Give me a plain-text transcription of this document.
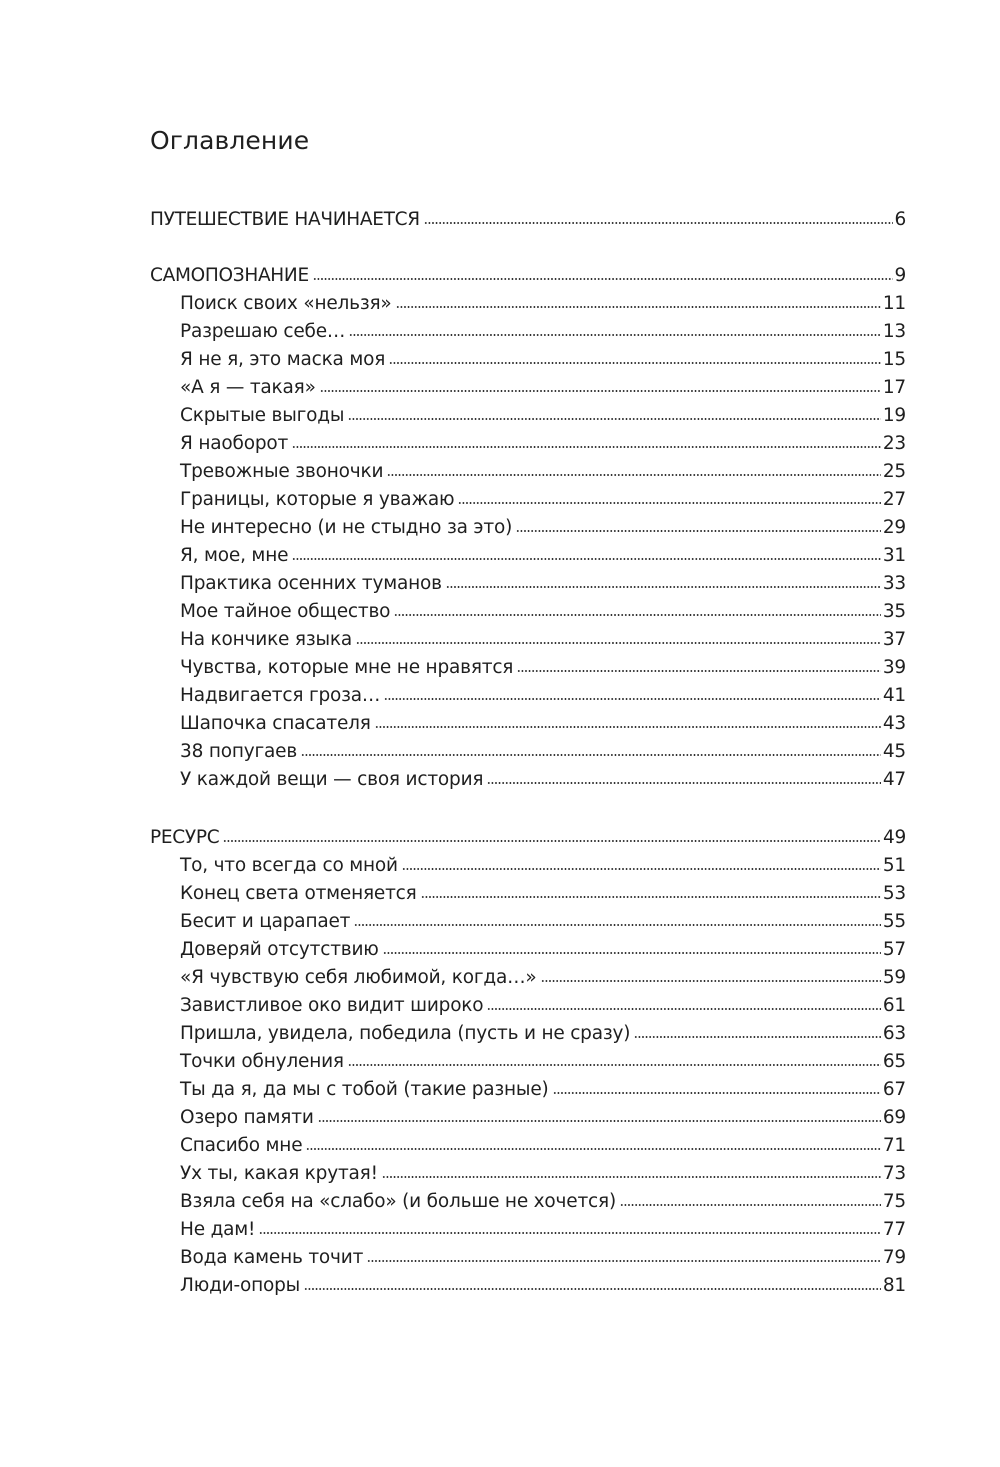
Оглавление
ПУТЕШЕСТВИЕ НАЧИНАЕТСЯ	6
САМОПОЗНАНИЕ	9
Поиск своих «нельзя»	11
Разрешаю себе…	13
Я не я, это маска моя	15
«А я — такая»	17
Скрытые выгоды	19
Я наоборот	23
Тревожные звоночки	25
Границы, которые я уважаю	27
Не интересно (и не стыдно за это)	29
Я, мое, мне	31
Практика осенних туманов	33
Мое тайное общество	35
На кончике языка	37
Чувства, которые мне не нравятся	39
Надвигается гроза…	41
Шапочка спасателя	43
38 попугаев	45
У каждой вещи — своя история	47
РЕСУРС	49
То, что всегда со мной	51
Конец света отменяется	53
Бесит и царапает	55
Доверяй отсутствию	57
«Я чувствую себя любимой, когда…»	59
Завистливое око видит широко	61
Пришла, увидела, победила (пусть и не сразу)	63
Точки обнуления	65
Ты да я, да мы с тобой (такие разные)	67
Озеро памяти	69
Спасибо мне	71
Ух ты, какая крутая!	73
Взяла себя на «слабо» (и больше не хочется)	75
Не дам!	77
Вода камень точит	79
Люди-опоры	81
